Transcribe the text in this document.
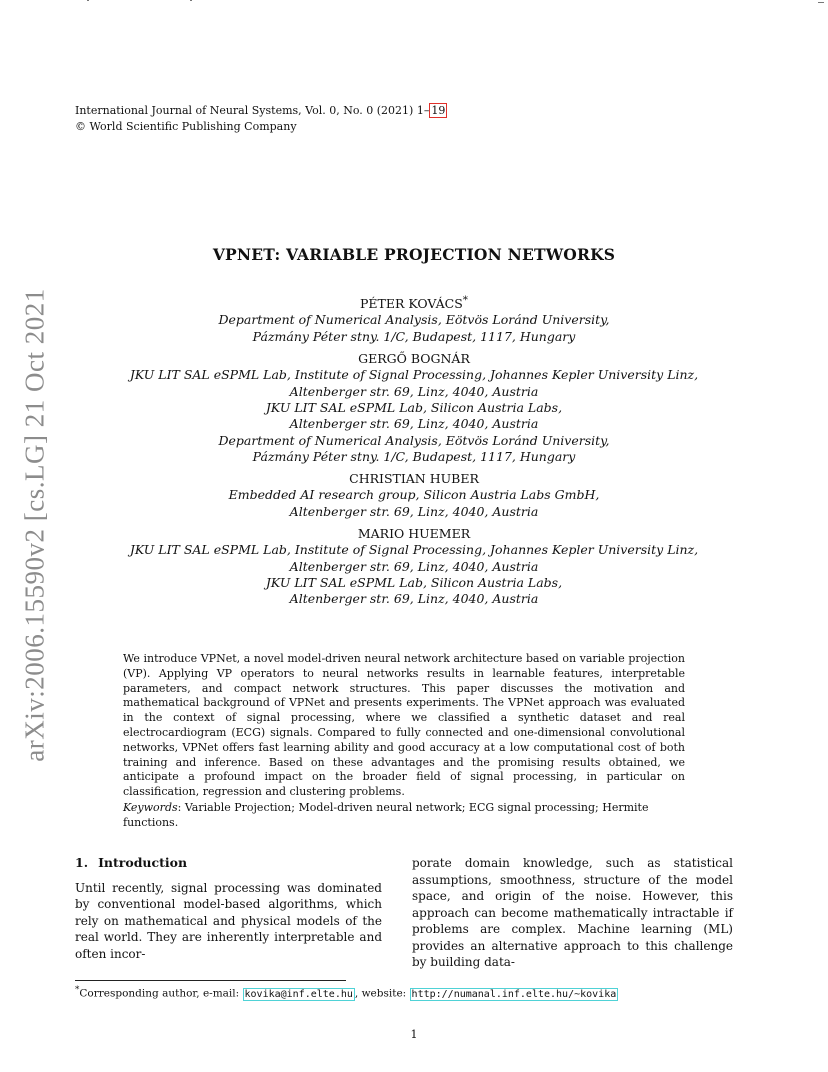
arXiv:2006.15590v2 [cs.LG] 21 Oct 2021
International Journal of Neural Systems, Vol. 0, No. 0 (2021) 1– 19
© World Scientific Publishing Company
VPNET: VARIABLE PROJECTION NETWORKS
PÉTER KOVÁCS*
Department of Numerical Analysis, Eötvös Loránd University,
Pázmány Péter stny. 1/C, Budapest, 1117, Hungary
GERGŐ BOGNÁR
JKU LIT SAL eSPML Lab, Institute of Signal Processing, Johannes Kepler University Linz,
Altenberger str. 69, Linz, 4040, Austria
JKU LIT SAL eSPML Lab, Silicon Austria Labs,
Altenberger str. 69, Linz, 4040, Austria
Department of Numerical Analysis, Eötvös Loránd University,
Pázmány Péter stny. 1/C, Budapest, 1117, Hungary
CHRISTIAN HUBER
Embedded AI research group, Silicon Austria Labs GmbH,
Altenberger str. 69, Linz, 4040, Austria
MARIO HUEMER
JKU LIT SAL eSPML Lab, Institute of Signal Processing, Johannes Kepler University Linz,
Altenberger str. 69, Linz, 4040, Austria
JKU LIT SAL eSPML Lab, Silicon Austria Labs,
Altenberger str. 69, Linz, 4040, Austria
We introduce VPNet, a novel model-driven neural network architecture based on variable projection (VP). Applying VP operators to neural networks results in learnable features, interpretable parameters, and compact network structures. This paper discusses the motivation and mathematical background of VPNet and presents experiments. The VPNet approach was evaluated in the context of signal processing, where we classified a synthetic dataset and real electrocardiogram (ECG) signals. Compared to fully connected and one-dimensional convolutional networks, VPNet offers fast learning ability and good accuracy at a low computational cost of both training and inference. Based on these advantages and the promising results obtained, we anticipate a profound impact on the broader field of signal processing, in particular on classification, regression and clustering problems.
Keywords: Variable Projection; Model-driven neural network; ECG signal processing; Hermite functions.
1. Introduction

Until recently, signal processing was dominated by conventional model-based algorithms, which rely on mathematical and physical models of the real world. They are inherently interpretable and often incor-

porate domain knowledge, such as statistical assumptions, smoothness, structure of the model space, and origin of the noise. However, this approach can become mathematically intractable if problems are complex. Machine learning (ML) provides an alternative approach to this challenge by building data-

*Corresponding author, e-mail: kovika@inf.elte.hu , website: http://numanal.inf.elte.hu/~kovika
1
